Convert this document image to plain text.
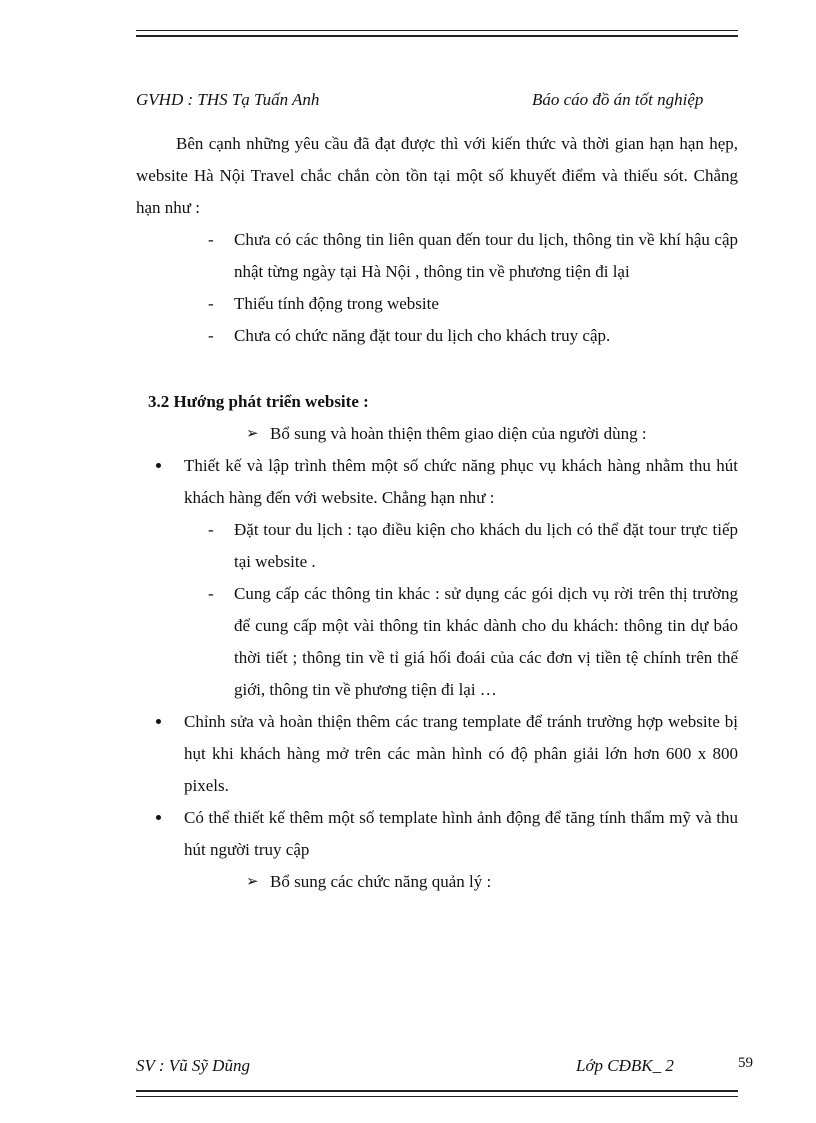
GVHD : THS Tạ Tuấn Anh	Báo cáo đồ án tốt nghiệp

Bên cạnh những yêu cầu đã đạt được thì với kiến thức và thời gian hạn hạn hẹp, website Hà Nội Travel chắc chắn còn tồn tại một số khuyết điểm và thiếu sót. Chẳng hạn như :

- Chưa có các thông tin liên quan đến tour du lịch, thông tin về khí hậu cập nhật từng ngày tại Hà Nội , thông tin về phương tiện đi lại

- Thiếu tính động trong website

- Chưa có chức năng đặt tour du lịch cho khách truy cập.

3.2 Hướng phát triển website :

➢ Bổ sung và hoàn thiện thêm giao diện của người dùng :

Thiết kế và lập trình thêm một số chức năng phục vụ khách hàng nhằm thu hút khách hàng đến với website. Chẳng hạn như :

- Đặt tour du lịch : tạo điều kiện cho khách du lịch có thể đặt tour trực tiếp tại website .

- Cung cấp các thông tin khác : sử dụng các gói dịch vụ rời trên thị trường để cung cấp một vài thông tin khác dành cho du khách: thông tin dự báo thời tiết ; thông tin về tỉ giá hối đoái của các đơn vị tiền tệ chính trên thế giới, thông tin về phương tiện đi lại …

Chỉnh sửa và hoàn thiện thêm các trang template để tránh trường hợp website bị hụt khi khách hàng mở trên các màn hình có độ phân giải lớn hơn 600 x 800 pixels.

Có thể thiết kế thêm một số template hình ảnh động để tăng tính thẩm mỹ và thu hút người truy cập

➢ Bổ sung các chức năng quản lý :

SV : Vũ Sỹ Dũng	Lớp CĐBK_ 2	59
